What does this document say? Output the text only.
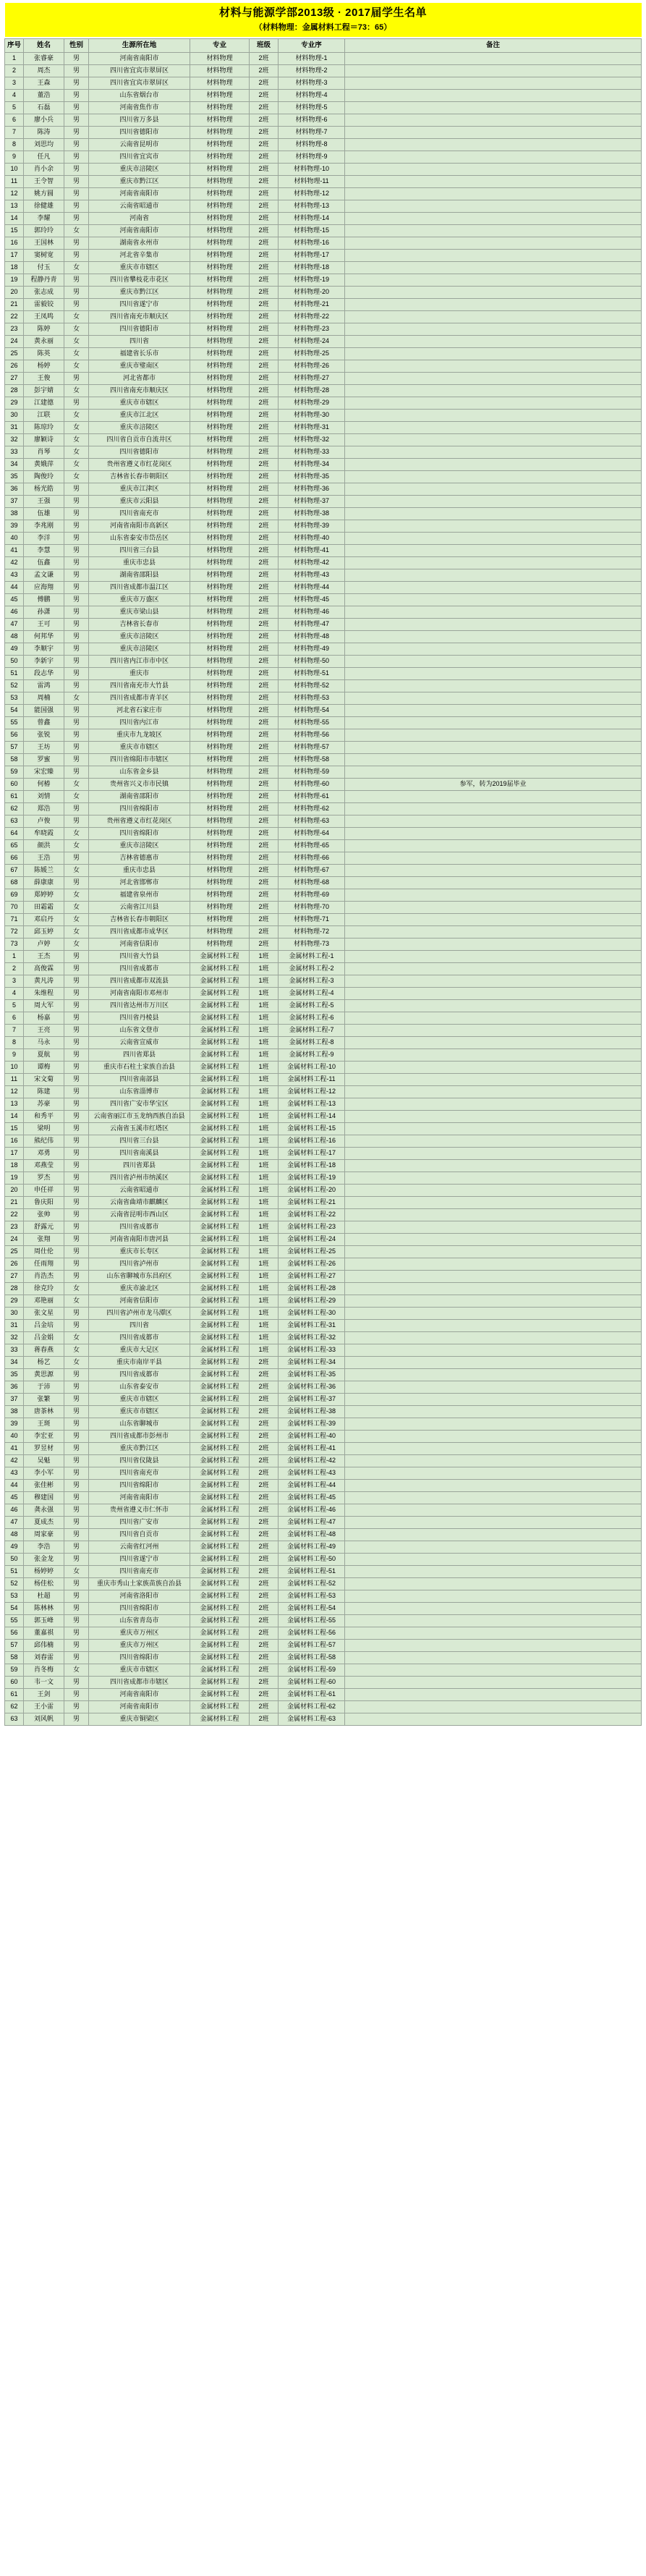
材料与能源学部2013级 · 2017届学生名单
（材料物理：金属材料工程＝73：65）
序号	姓名	性别	生源所在地	专业	班级	专业序	备注
1	张睿豪	男	河南省南阳市	材料物理	2班	材料物理-1	
2	周杰	男	四川省宜宾市翠屏区	材料物理	2班	材料物理-2	
3	王森	男	四川省宜宾市翠屏区	材料物理	2班	材料物理-3	
4	董浩	男	山东省烟台市	材料物理	2班	材料物理-4	
5	石磊	男	河南省焦作市	材料物理	2班	材料物理-5	
6	廖小兵	男	四川省万多县	材料物理	2班	材料物理-6	
7	陈涛	男	四川省德阳市	材料物理	2班	材料物理-7	
8	刘思均	男	云南省昆明市	材料物理	2班	材料物理-8	
9	任凡	男	四川省宜宾市	材料物理	2班	材料物理-9	
10	肖小余	男	重庆市涪陵区	材料物理	2班	材料物理-10	
11	王令智	男	重庆市黔江区	材料物理	2班	材料物理-11	
12	姚方圆	男	河南省南阳市	材料物理	2班	材料物理-12	
13	徐健雄	男	云南省昭通市	材料物理	2班	材料物理-13	
14	李耀	男	河南省	材料物理	2班	材料物理-14	
15	郭玲玲	女	河南省南阳市	材料物理	2班	材料物理-15	
16	王国林	男	湖南省永州市	材料物理	2班	材料物理-16	
17	窦树宽	男	河北省辛集市	材料物理	2班	材料物理-17	
18	付玉	女	重庆市市辖区	材料物理	2班	材料物理-18	
19	程静丹青	男	四川省攀枝花市花区	材料物理	2班	材料物理-19	
20	张志成	男	重庆市黔江区	材料物理	2班	材料物理-20	
21	雷毅铰	男	四川省遂宁市	材料物理	2班	材料物理-21	
22	王凤鸣	女	四川省南充市顺庆区	材料物理	2班	材料物理-22	
23	陈婷	女	四川省德阳市	材料物理	2班	材料物理-23	
24	黄永丽	女	四川省	材料物理	2班	材料物理-24	
25	陈英	女	福建省长乐市	材料物理	2班	材料物理-25	
26	杨婷	女	重庆市璧南区	材料物理	2班	材料物理-26	
27	王俊	男	河北省都市	材料物理	2班	材料物理-27	
28	彭宇婧	女	四川省南充市顺庆区	材料物理	2班	材料物理-28	
29	江建德	男	重庆市市辖区	材料物理	2班	材料物理-29	
30	江联	女	重庆市江北区	材料物理	2班	材料物理-30	
31	陈琼玲	女	重庆市涪陵区	材料物理	2班	材料物理-31	
32	廖颖诗	女	四川省自贡市自流井区	材料物理	2班	材料物理-32	
33	肖琴	女	四川省德阳市	材料物理	2班	材料物理-33	
34	黄娥萍	女	贵州省遵义市红花岗区	材料物理	2班	材料物理-34	
35	陶俊玲	女	吉林省长春市朝阳区	材料物理	2班	材料物理-35	
36	杨光皓	男	重庆市江津区	材料物理	2班	材料物理-36	
37	王强	男	重庆市云阳县	材料物理	2班	材料物理-37	
38	伍雄	男	四川省南充市	材料物理	2班	材料物理-38	
39	李兆刚	男	河南省南阳市高新区	材料物理	2班	材料物理-39	
40	李洋	男	山东省泰安市岱岳区	材料物理	2班	材料物理-40	
41	李慧	男	四川省三台县	材料物理	2班	材料物理-41	
42	伍鑫	男	重庆市忠县	材料物理	2班	材料物理-42	
43	孟文谦	男	湖南省邵阳县	材料物理	2班	材料物理-43	
44	应海翔	男	四川省成都市温江区	材料物理	2班	材料物理-44	
45	傅鹏	男	重庆市万盛区	材料物理	2班	材料物理-45	
46	孙潇	男	重庆市梁山县	材料物理	2班	材料物理-46	
47	王可	男	吉林省长春市	材料物理	2班	材料物理-47	
48	何邦华	男	重庆市涪陵区	材料物理	2班	材料物理-48	
49	李顺宇	男	重庆市涪陵区	材料物理	2班	材料物理-49	
50	李新宇	男	四川省内江市市中区	材料物理	2班	材料物理-50	
51	段志华	男	重庆市	材料物理	2班	材料物理-51	
52	雷鸿	男	四川省南充市大竹县	材料物理	2班	材料物理-52	
53	周楠	女	四川省成都市青羊区	材料物理	2班	材料物理-53	
54	能国强	男	河北省石家庄市	材料物理	2班	材料物理-54	
55	曾鑫	男	四川省内江市	材料物理	2班	材料物理-55	
56	张锐	男	重庆市九龙坡区	材料物理	2班	材料物理-56	
57	王坊	男	重庆市市辖区	材料物理	2班	材料物理-57	
58	罗蜜	男	四川省绵阳市市辖区	材料物理	2班	材料物理-58	
59	宋宏臻	男	山东省金乡县	材料物理	2班	材料物理-59	
60	何椿	女	贵州省兴义市市民镇	材料物理	2班	材料物理-60	参军，转为2019届毕业
61	刘情	女	湖南省邵阳市	材料物理	2班	材料物理-61	
62	郑浩	男	四川省绵阳市	材料物理	2班	材料物理-62	
63	卢俊	男	贵州省遵义市红花岗区	材料物理	2班	材料物理-63	
64	牟晓霞	女	四川省绵阳市	材料物理	2班	材料物理-64	
65	颜洪	女	重庆市涪陵区	材料物理	2班	材料物理-65	
66	王浩	男	吉林省德惠市	材料物理	2班	材料物理-66	
67	陈媛兰	女	重庆市忠县	材料物理	2班	材料物理-67	
68	薛康康	男	河北省邯郸市	材料物理	2班	材料物理-68	
69	郑婷婷	女	福建省泉州市	材料物理	2班	材料物理-69	
70	田霜霜	女	云南省江川县	材料物理	2班	材料物理-70	
71	邓启丹	女	吉林省长春市朝阳区	材料物理	2班	材料物理-71	
72	邱玉婷	女	四川省成都市成华区	材料物理	2班	材料物理-72	
73	卢婷	女	河南省信阳市	材料物理	2班	材料物理-73	
1	王杰	男	四川省大竹县	金属材料工程	1班	金属材料工程-1	
2	高俊霖	男	四川省成都市	金属材料工程	1班	金属材料工程-2	
3	黄凡涛	男	四川省成都市双流县	金属材料工程	1班	金属材料工程-3	
4	朱维程	男	河南省南阳市邓州市	金属材料工程	1班	金属材料工程-4	
5	周大军	男	四川省达州市万川区	金属材料工程	1班	金属材料工程-5	
6	杨嘉	男	四川省丹棱县	金属材料工程	1班	金属材料工程-6	
7	王亮	男	山东省文登市	金属材料工程	1班	金属材料工程-7	
8	马永	男	云南省宣威市	金属材料工程	1班	金属材料工程-8	
9	夏航	男	四川省郑县	金属材料工程	1班	金属材料工程-9	
10	谭梅	男	重庆市石柱土家族自治县	金属材料工程	1班	金属材料工程-10	
11	宋文菊	男	四川省南部县	金属材料工程	1班	金属材料工程-11	
12	陈建	男	山东省淄博市	金属材料工程	1班	金属材料工程-12	
13	苏豪	男	四川省广安市华宝区	金属材料工程	1班	金属材料工程-13	
14	和秀平	男	云南省丽江市玉龙纳西族自治县	金属材料工程	1班	金属材料工程-14	
15	梁明	男	云南省玉溪市红塔区	金属材料工程	1班	金属材料工程-15	
16	熊纪伟	男	四川省三台县	金属材料工程	1班	金属材料工程-16	
17	邓勇	男	四川省南溪县	金属材料工程	1班	金属材料工程-17	
18	邓燕莹	男	四川省郑县	金属材料工程	1班	金属材料工程-18	
19	罗杰	男	四川省泸州市纳溪区	金属材料工程	1班	金属材料工程-19	
20	申任祥	男	云南省昭通市	金属材料工程	1班	金属材料工程-20	
21	鲁庆阳	男	云南省曲靖市麒麟区	金属材料工程	1班	金属材料工程-21	
22	张帅	男	云南省昆明市西山区	金属材料工程	1班	金属材料工程-22	
23	舒露元	男	四川省成都市	金属材料工程	1班	金属材料工程-23	
24	张翔	男	河南省南阳市唐河县	金属材料工程	1班	金属材料工程-24	
25	周仕伦	男	重庆市长寿区	金属材料工程	1班	金属材料工程-25	
26	任雨翔	男	四川省泸州市	金属材料工程	1班	金属材料工程-26	
27	肖浩杰	男	山东省聊城市东昌府区	金属材料工程	1班	金属材料工程-27	
28	徐克玲	女	重庆市渝北区	金属材料工程	1班	金属材料工程-28	
29	邓艳丽	女	河南省信阳市	金属材料工程	1班	金属材料工程-29	
30	张文星	男	四川省泸州市龙马潭区	金属材料工程	1班	金属材料工程-30	
31	吕金培	男	四川省	金属材料工程	1班	金属材料工程-31	
32	吕金娟	女	四川省成都市	金属材料工程	1班	金属材料工程-32	
33	蒋春燕	女	重庆市大足区	金属材料工程	1班	金属材料工程-33	
34	杨艺	女	重庆市南岸平县	金属材料工程	2班	金属材料工程-34	
35	黄思源	男	四川省成都市	金属材料工程	2班	金属材料工程-35	
36	于沛	男	山东省泰安市	金属材料工程	2班	金属材料工程-36	
37	张繁	男	重庆市市辖区	金属材料工程	2班	金属材料工程-37	
38	唐茶林	男	重庆市市辖区	金属材料工程	2班	金属材料工程-38	
39	王斑	男	山东省聊城市	金属材料工程	2班	金属材料工程-39	
40	李宏亚	男	四川省成都市彭州市	金属材料工程	2班	金属材料工程-40	
41	罗昱材	男	重庆市黔江区	金属材料工程	2班	金属材料工程-41	
42	吴魁	男	四川省仪陇县	金属材料工程	2班	金属材料工程-42	
43	李小军	男	四川省南充市	金属材料工程	2班	金属材料工程-43	
44	张佳彬	男	四川省绵阳市	金属材料工程	2班	金属材料工程-44	
45	穆建国	男	河南省南阳市	金属材料工程	2班	金属材料工程-45	
46	龚永强	男	贵州省遵义市仁怀市	金属材料工程	2班	金属材料工程-46	
47	夏成杰	男	四川省广安市	金属材料工程	2班	金属材料工程-47	
48	周家豪	男	四川省自贡市	金属材料工程	2班	金属材料工程-48	
49	李浩	男	云南省红河州	金属材料工程	2班	金属材料工程-49	
50	张金龙	男	四川省遂宁市	金属材料工程	2班	金属材料工程-50	
51	杨婷婷	女	四川省南充市	金属材料工程	2班	金属材料工程-51	
52	杨佳松	男	重庆市秀山土家族苗族自治县	金属材料工程	2班	金属材料工程-52	
53	杜超	男	河南省洛阳市	金属材料工程	2班	金属材料工程-53	
54	陈林林	男	四川省绵阳市	金属材料工程	2班	金属材料工程-54	
55	郭玉峰	男	山东省青岛市	金属材料工程	2班	金属材料工程-55	
56	董嘉祺	男	重庆市万州区	金属材料工程	2班	金属材料工程-56	
57	邱伟楠	男	重庆市万州区	金属材料工程	2班	金属材料工程-57	
58	刘春雷	男	四川省绵阳市	金属材料工程	2班	金属材料工程-58	
59	肖冬梅	女	重庆市市辖区	金属材料工程	2班	金属材料工程-59	
60	韦一文	男	四川省成都市市辖区	金属材料工程	2班	金属材料工程-60	
61	王剑	男	河南省南阳市	金属材料工程	2班	金属材料工程-61	
62	王小雷	男	河南省南阳市	金属材料工程	2班	金属材料工程-62	
63	刘风帆	男	重庆市铜梁区	金属材料工程	2班	金属材料工程-63	
